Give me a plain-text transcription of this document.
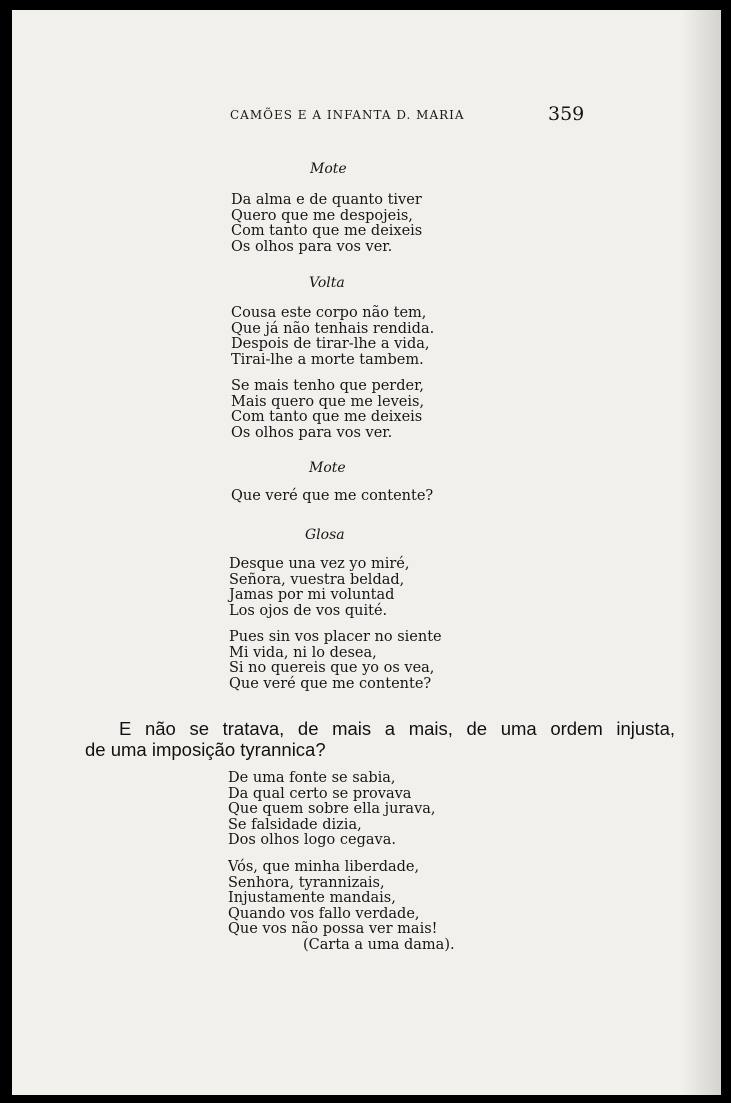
CAMÕES E A INFANTA D. MARIA	359
Mote
Da alma e de quanto tiver
Quero que me despojeis,
Com tanto que me deixeis
Os olhos para vos ver.
Volta
Cousa este corpo não tem,
Que já não tenhais rendida.
Despois de tirar-lhe a vida,
Tirai-lhe a morte tambem.
Se mais tenho que perder,
Mais quero que me leveis,
Com tanto que me deixeis
Os olhos para vos ver.
Mote
Que veré que me contente?
Glosa
Desque una vez yo miré,
Señora, vuestra beldad,
Jamas por mi voluntad
Los ojos de vos quité.
Pues sin vos placer no siente
Mi vida, ni lo desea,
Si no quereis que yo os vea,
Que veré que me contente?
E não se tratava, de mais a mais, de uma ordem injusta,
de uma imposição tyrannica?
De uma fonte se sabia,
Da qual certo se provava
Que quem sobre ella jurava,
Se falsidade dizia,
Dos olhos logo cegava.
Vós, que minha liberdade,
Senhora, tyrannizais,
Injustamente mandais,
Quando vos fallo verdade,
Que vos não possa ver mais!
(Carta a uma dama).
